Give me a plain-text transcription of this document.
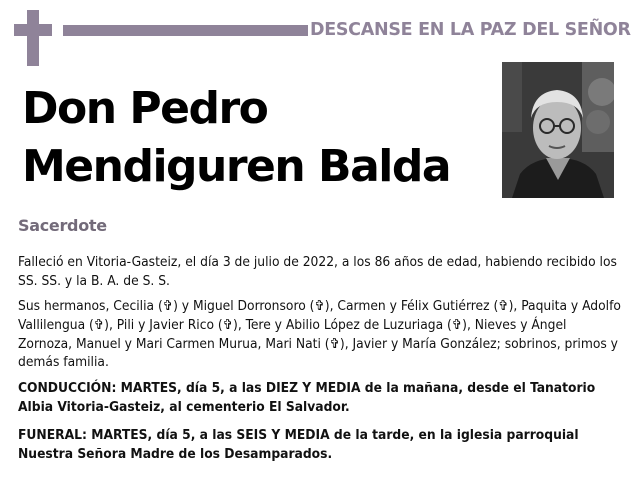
DESCANSE EN LA PAZ DEL SEÑOR
Don Pedro
Mendiguren Balda
Sacerdote
Falleció en Vitoria-Gasteiz, el día 3 de julio de 2022, a los 86 años de edad, habiendo recibido los SS. SS. y la B. A. de S. S.
Sus hermanos, Cecilia (✞) y Miguel Dorronsoro (✞), Carmen y Félix Gutiérrez (✞), Paquita y Adolfo Vallilengua (✞), Pili y Javier Rico (✞), Tere y Abilio López de Luzuriaga (✞), Nieves y Ángel Zornoza, Manuel y Mari Carmen Murua, Mari Nati (✞), Javier y María González; sobrinos, primos y demás familia.
CONDUCCIÓN: MARTES, día 5, a las DIEZ Y MEDIA de la mañana, desde el Tanatorio Albia Vitoria-Gasteiz, al cementerio El Salvador.
FUNERAL: MARTES, día 5, a las SEIS Y MEDIA de la tarde, en la iglesia parroquial Nuestra Señora Madre de los Desamparados.
